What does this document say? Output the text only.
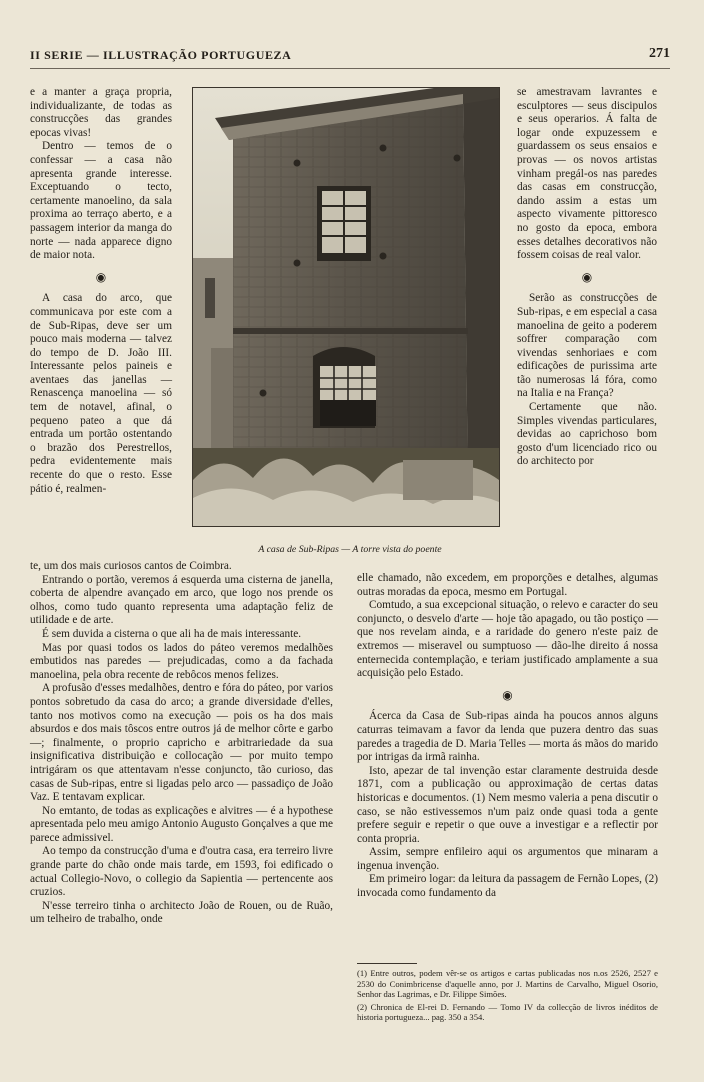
II SERIE — ILLUSTRAÇÃO PORTUGUEZA	271

e a manter a graça propria, individualizante, de todas as construcções das grandes epocas vivas!

Dentro — temos de o confessar — a casa não apresenta grande interesse. Exceptuando o tecto, certamente manoelino, da sala proxima ao terraço aberto, e a passagem interior da manga do norte — nada apparece digno de maior nota.

◉

A casa do arco, que communicava por este com a de Sub-Ripas, deve ser um pouco mais moderna — talvez do tempo de D. João III. Interessante pelos paineis e aventaes das janellas — Renascença manoelina — só tem de notavel, afinal, o pequeno pateo a que dá entrada um portão ostentando o brazão dos Perestrellos, pedra evidentemente mais recente do que o resto. Esse pátio é, realmen-

A casa de Sub-Ripas — A torre vista do poente

se amestravam lavrantes e esculptores — seus discipulos e seus operarios. Á falta de logar onde expuzessem e guardassem os seus ensaios e provas — os novos artistas vinham pregál-os nas paredes das casas em construcção, dando assim a estas um aspecto vivamente pittoresco no gosto da epoca, embora esses detalhes decorativos não fossem coisas de real valor.

◉

Serão as construcções de Sub-ripas, e em especial a casa manoelina de geito a poderem soffrer comparação com vivendas senhoriaes e com edificações de purissima arte tão numerosas lá fóra, como na Italia e na França?

Certamente que não. Simples vivendas particulares, devidas ao caprichoso bom gosto d'um licenciado rico ou do architecto por

te, um dos mais curiosos cantos de Coimbra.

Entrando o portão, veremos á esquerda uma cisterna de janella, coberta de alpendre avançado em arco, que logo nos prende os olhos, como tudo quanto representa uma adaptação feliz de utilidade e de arte.

É sem duvida a cisterna o que ali ha de mais interessante.

Mas por quasi todos os lados do páteo veremos medalhões embutidos nas paredes — prejudicadas, como a da fachada manoelina, pela obra recente de rebôcos menos felizes.

A profusão d'esses medalhões, dentro e fóra do páteo, por varios pontos sobretudo da casa do arco; a grande diversidade d'elles, tanto nos motivos como na execução — pois os ha dos mais absurdos e dos mais tôscos entre outros já de melhor côrte e garbo —; finalmente, o proprio capricho e arbitrariedade da sua insignificativa distribuição e collocação — por muito tempo intrigáram os que attentavam n'esse conjuncto, tão curioso, das casas de Sub-ripas, entre si ligadas pelo arco — passadiço de João Vaz. E tentavam explicar.

No emtanto, de todas as explicações e alvitres — é a hypothese apresentada pelo meu amigo Antonio Augusto Gonçalves a que me parece admissivel.

Ao tempo da construcção d'uma e d'outra casa, era terreiro livre grande parte do chão onde mais tarde, em 1593, foi edificado o actual Collegio-Novo, o collegio da Sapientia — pertencente aos cruzios.

N'esse terreiro tinha o architecto João de Rouen, ou de Ruão, um telheiro de trabalho, onde

elle chamado, não excedem, em proporções e detalhes, algumas outras moradas da epoca, mesmo em Portugal.

Comtudo, a sua excepcional situação, o relevo e caracter do seu conjuncto, o desvelo d'arte — hoje tão apagado, ou tão postiço — que nos revelam ainda, e a raridade do genero n'este paiz de extremos — miseravel ou sumptuoso — dão-lhe direito á nossa enternecida contemplação, e teriam justificado amplamente a sua acquisição pelo Estado.

◉

Ácerca da Casa de Sub-ripas ainda ha poucos annos alguns caturras teimavam a favor da lenda que puzera dentro das suas paredes a tragedia de D. Maria Telles — morta ás mãos do marido por intrigas da irmã rainha.

Isto, apezar de tal invenção estar claramente destruida desde 1871, com a publicação ou approximação de certas datas historicas e documentos. (1) Nem mesmo valeria a pena discutir o caso, se não estivessemos n'um paiz onde quasi toda a gente prefere seguir e repetir o que ouve a investigar e a reflectir por conta propria.

Assim, sempre enfileiro aqui os argumentos que minaram a ingenua invenção.

Em primeiro logar: da leitura da passagem de Fernão Lopes, (2) invocada como fundamento da

(1) Entre outros, podem vêr-se os artigos e cartas publicadas nos n.os 2526, 2527 e 2530 do Conimbricense d'aquelle anno, por J. Martins de Carvalho, Miguel Osorio, Senhor das Lagrimas, e Dr. Filippe Simões.

(2) Chronica de El-rei D. Fernando — Tomo IV da collecção de livros inéditos de historia portugueza... pag. 350 a 354.
